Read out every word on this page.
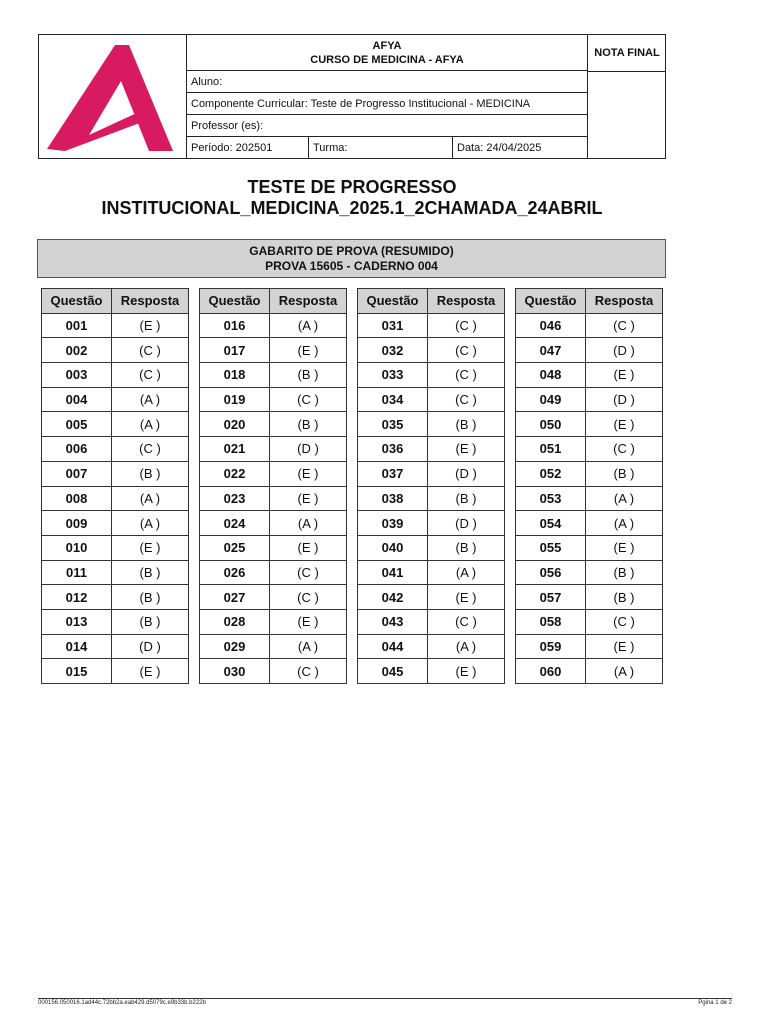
AFYA
CURSO DE MEDICINA - AFYA
Aluno:
Componente Curricular: Teste de Progresso Institucional - MEDICINA
Professor (es):
Período: 202501	Turma:	Data: 24/04/2025
NOTA FINAL
TESTE DE PROGRESSO
INSTITUCIONAL_MEDICINA_2025.1_2CHAMADA_24ABRIL
GABARITO DE PROVA (RESUMIDO)
PROVA 15605 - CADERNO 004
Questão	Resposta
001	(E )
002	(C )
003	(C )
004	(A )
005	(A )
006	(C )
007	(B )
008	(A )
009	(A )
010	(E )
011	(B )
012	(B )
013	(B )
014	(D )
015	(E )
Questão	Resposta
016	(A )
017	(E )
018	(B )
019	(C )
020	(B )
021	(D )
022	(E )
023	(E )
024	(A )
025	(E )
026	(C )
027	(C )
028	(E )
029	(A )
030	(C )
Questão	Resposta
031	(C )
032	(C )
033	(C )
034	(C )
035	(B )
036	(E )
037	(D )
038	(B )
039	(D )
040	(B )
041	(A )
042	(E )
043	(C )
044	(A )
045	(E )
Questão	Resposta
046	(C )
047	(D )
048	(E )
049	(D )
050	(E )
051	(C )
052	(B )
053	(A )
054	(A )
055	(E )
056	(B )
057	(B )
058	(C )
059	(E )
060	(A )
000156.050016.1ad44c.72bb2a.eab429.d5079c.e9b33b.b222b	Pgina 1 de 2
